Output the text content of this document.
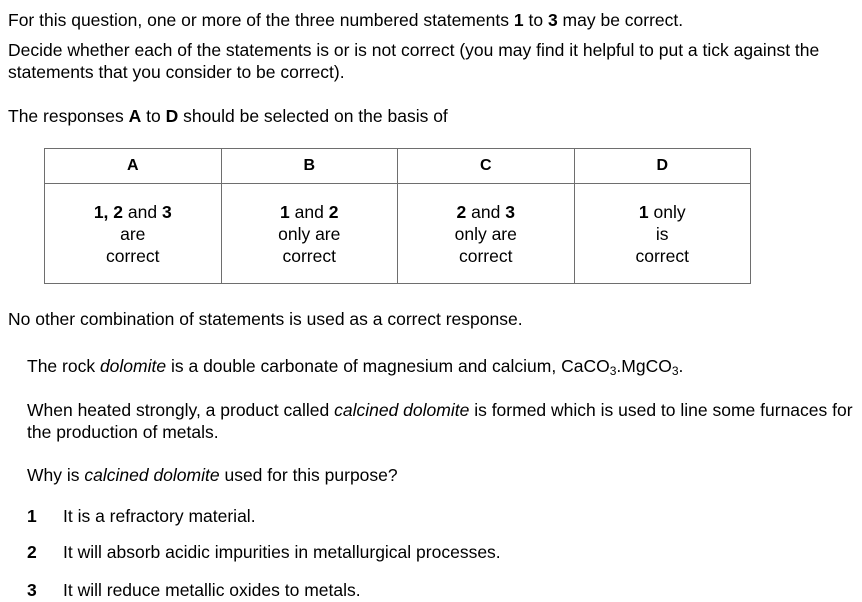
For this question, one or more of the three numbered statements 1 to 3 may be correct.
Decide whether each of the statements is or is not correct (you may find it helpful to put a tick against the statements that you consider to be correct).
The responses A to D should be selected on the basis of
A	B	C	D

1, 2 and 3
are
correct	1 and 2
only are
correct	2 and 3
only are
correct	1 only
is
correct
No other combination of statements is used as a correct response.
The rock dolomite is a double carbonate of magnesium and calcium, CaCO$_3$.MgCO$_3$.
When heated strongly, a product called calcined dolomite is formed which is used to line some furnaces for the production of metals.
Why is calcined dolomite used for this purpose?
1 It is a refractory material.
2 It will absorb acidic impurities in metallurgical processes.
3 It will reduce metallic oxides to metals.
